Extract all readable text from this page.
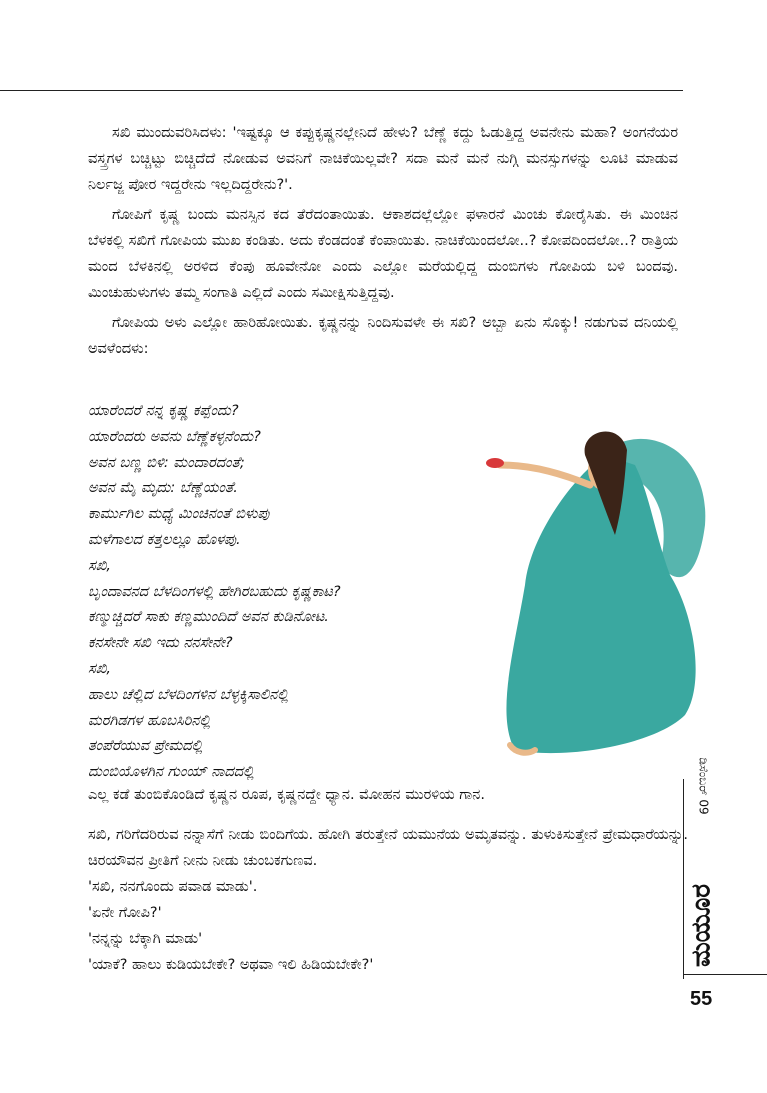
ಸಖಿ ಮುಂದುವರಿಸಿದಳು: 'ಇಷ್ಟಕ್ಕೂ ಆ ಕಪ್ಪುಕೃಷ್ಣನಲ್ಲೇನಿದೆ ಹೇಳು? ಬೆಣ್ಣೆ ಕದ್ದು ಓಡುತ್ತಿದ್ದ ಅವನೇನು ಮಹಾ? ಅಂಗನೆಯರ ವಸ್ತ್ರಗಳ ಬಚ್ಚಿಟ್ಟು ಬಿಚ್ಚಿದೆದೆ ನೋಡುವ ಅವನಿಗೆ ನಾಚಿಕೆಯಿಲ್ಲವೇ? ಸದಾ ಮನೆ ಮನೆ ನುಗ್ಗಿ ಮನಸ್ಸುಗಳನ್ನು ಲೂಟಿ ಮಾಡುವ ನಿರ್ಲಜ್ಜ ಪೋರ ಇದ್ದರೇನು ಇಲ್ಲದಿದ್ದರೇನು?'.

ಗೋಪಿಗೆ ಕೃಷ್ಣ ಬಂದು ಮನಸ್ಸಿನ ಕದ ತೆರೆದಂತಾಯಿತು. ಆಕಾಶದಲ್ಲೆಲ್ಲೋ ಫಳಾರನೆ ಮಿಂಚು ಕೋರೈಸಿತು. ಈ ಮಿಂಚಿನ ಬೆಳಕಲ್ಲಿ ಸಖಿಗೆ ಗೋಪಿಯ ಮುಖ ಕಂಡಿತು. ಅದು ಕೆಂಡದಂತೆ ಕೆಂಪಾಯಿತು. ನಾಚಿಕೆಯಿಂದಲೋ..? ಕೋಪದಿಂದಲೋ..? ರಾತ್ರಿಯ ಮಂದ ಬೆಳಕಿನಲ್ಲಿ ಅರಳಿದ ಕೆಂಪು ಹೂವೇನೋ ಎಂದು ಎಲ್ಲೋ ಮರೆಯಲ್ಲಿದ್ದ ದುಂಬಿಗಳು ಗೋಪಿಯ ಬಳಿ ಬಂದವು. ಮಿಂಚುಹುಳುಗಳು ತಮ್ಮ ಸಂಗಾತಿ ಎಲ್ಲಿದೆ ಎಂದು ಸಮೀಕ್ಷಿಸುತ್ತಿದ್ದವು.

ಗೋಪಿಯ ಅಳು ಎಲ್ಲೋ ಹಾರಿಹೋಯಿತು. ಕೃಷ್ಣನನ್ನು ನಿಂದಿಸುವಳೇ ಈ ಸಖಿ? ಅಬ್ಬಾ ಏನು ಸೊಕ್ಕು! ನಡುಗುವ ದನಿಯಲ್ಲಿ ಅವಳೆಂದಳು:

ಯಾರೆಂದರೆ ನನ್ನ ಕೃಷ್ಣ ಕಪ್ಪೆಂದು?
ಯಾರೆಂದರು ಅವನು ಬೆಣ್ಣೆಕಳ್ಳನೆಂದು?
ಅವನ ಬಣ್ಣ ಬಿಳಿ: ಮಂದಾರದಂತೆ;
ಅವನ ಮೈ ಮೃದು: ಬೆಣ್ಣೆಯಂತೆ.
ಕಾರ್ಮುಗಿಲ ಮಧ್ಯೆ ಮಿಂಚಿನಂತೆ ಬಿಳುಪು
ಮಳೆಗಾಲದ ಕತ್ತಲಲ್ಲೂ ಹೊಳಪು.
ಸಖಿ,
ಬೃಂದಾವನದ ಬೆಳದಿಂಗಳಲ್ಲಿ ಹೇಗಿರಬಹುದು ಕೃಷ್ಣಕಾಟ?
ಕಣ್ಮುಚ್ಚಿದರೆ ಸಾಕು ಕಣ್ಣಮುಂದಿದೆ ಅವನ ಕುಡಿನೋಟ.
ಕನಸೇನೇ ಸಖಿ ಇದು ನನಸೇನೇ?
ಸಖಿ,
ಹಾಲು ಚೆಲ್ಲಿದ ಬೆಳದಿಂಗಳಿನ ಬೆಳ್ಳಕ್ಕಿಸಾಲಿನಲ್ಲಿ
ಮರಗಿಡಗಳ ಹೂಬಸಿರಿನಲ್ಲಿ
ತಂಪೆರೆಯುವ ಪ್ರೇಮದಲ್ಲಿ
ದುಂಬಿಯೊಳಗಿನ ಗುಂಯ್ ನಾದದಲ್ಲಿ
ಎಲ್ಲ ಕಡೆ ತುಂಬಿಕೊಂಡಿದೆ ಕೃಷ್ಣನ ರೂಪ, ಕೃಷ್ಣನದ್ದೇ ಧ್ಯಾನ. ಮೋಹನ ಮುರಳಿಯ ಗಾನ.
ಸಖಿ, ಗರಿಗೆದರಿರುವ ನನ್ನಾಸೆಗೆ ನೀಡು ಬಿಂದಿಗೆಯ. ಹೋಗಿ ತರುತ್ತೇನೆ ಯಮುನೆಯ ಅಮೃತವನ್ನು. ತುಳುಕಿಸುತ್ತೇನೆ ಪ್ರೇಮಧಾರೆಯನ್ನು. ಚಿರಯೌವನ ಪ್ರೀತಿಗೆ ನೀನು ನೀಡು ಚುಂಬಕಗುಣವ.
'ಸಖಿ, ನನಗೊಂದು ಪವಾಡ ಮಾಡು'.
'ಏನೇ ಗೋಪಿ?'
'ನನ್ನನ್ನು ಬೆಕ್ಕಾಗಿ ಮಾಡು'
'ಯಾಕೆ? ಹಾಲು ಕುಡಿಯಬೇಕೇ? ಅಥವಾ ಇಲಿ ಹಿಡಿಯಬೇಕೇ?'
ಡಿಸೆಂಬರ್ 09
ಮಯೂರ
55
